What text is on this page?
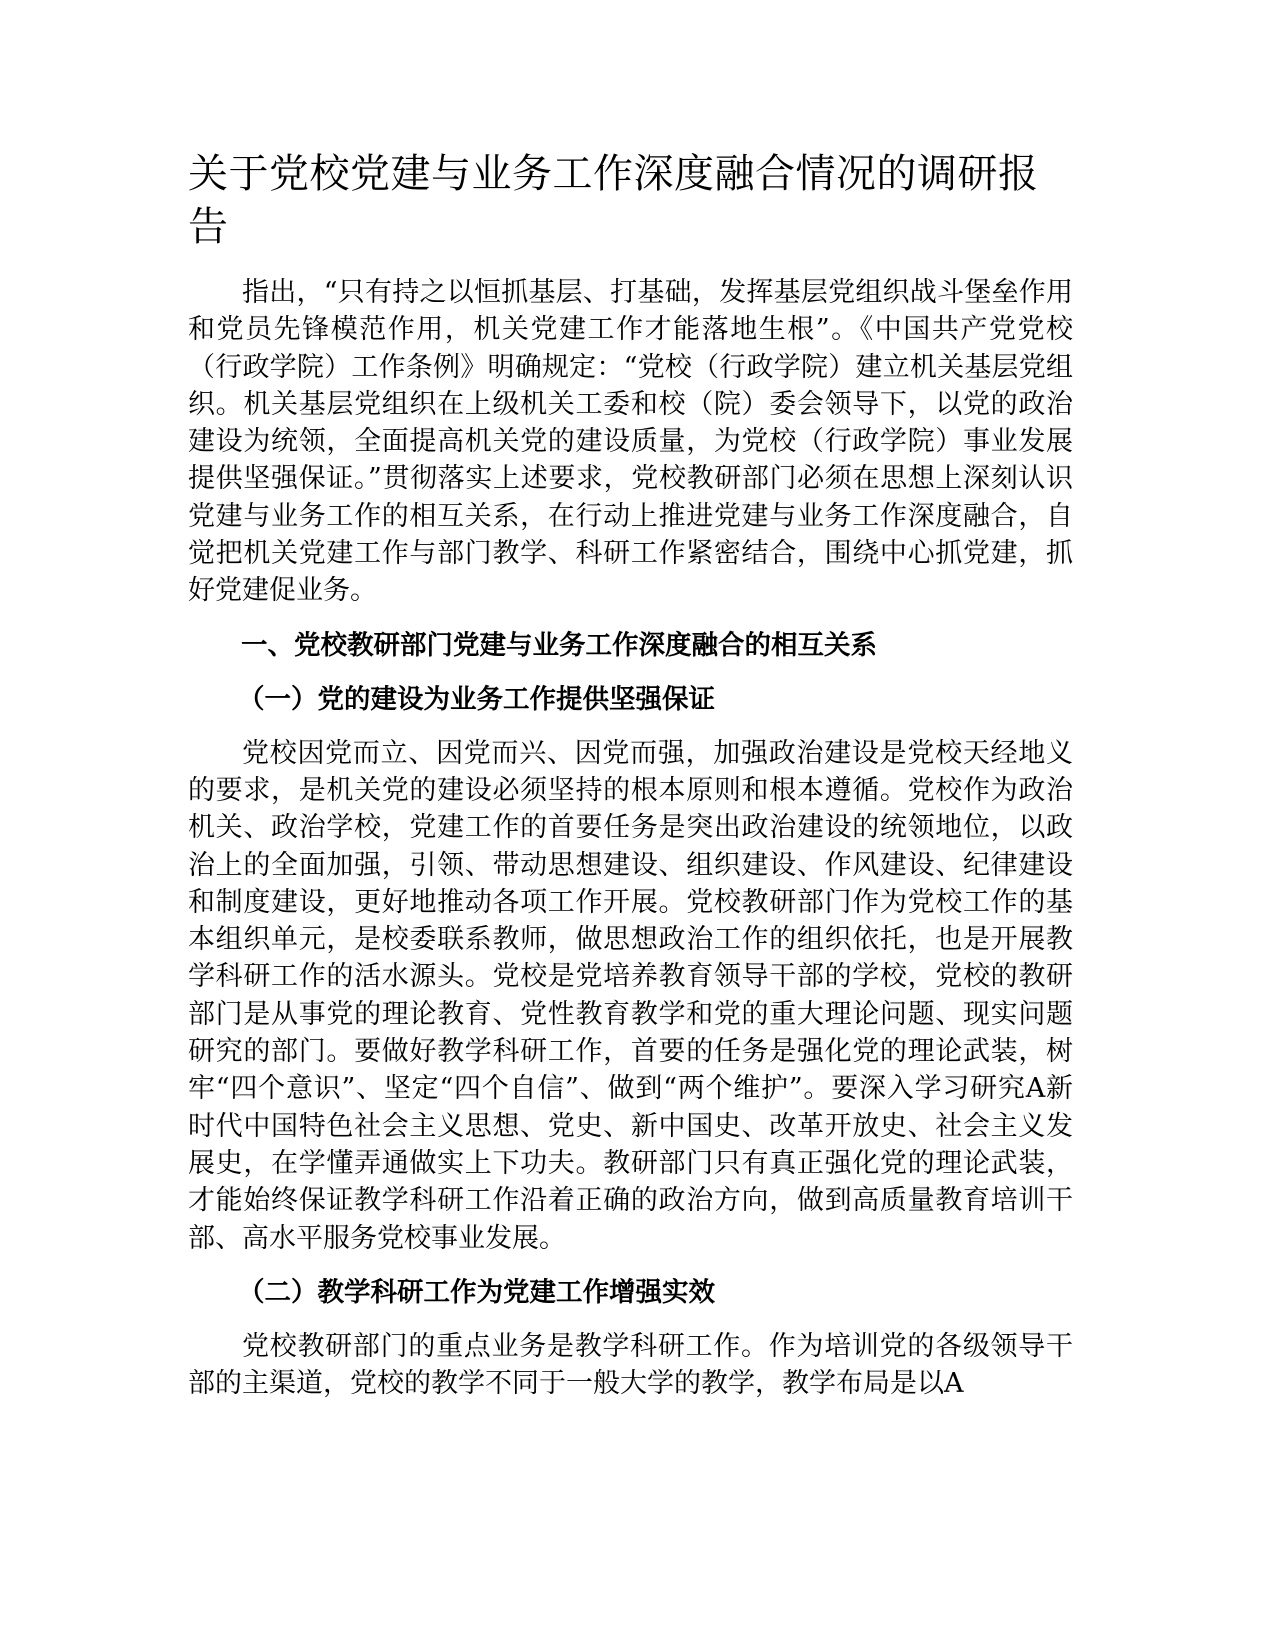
关于党校党建与业务工作深度融合情况的调研报告

指出，“只有持之以恒抓基层、打基础，发挥基层党组织战斗堡垒作用和党员先锋模范作用，机关党建工作才能落地生根”。《中国共产党党校（行政学院）工作条例》明确规定：“党校（行政学院）建立机关基层党组织。机关基层党组织在上级机关工委和校（院）委会领导下，以党的政治建设为统领，全面提高机关党的建设质量，为党校（行政学院）事业发展提供坚强保证。”贯彻落实上述要求，党校教研部门必须在思想上深刻认识党建与业务工作的相互关系，在行动上推进党建与业务工作深度融合，自觉把机关党建工作与部门教学、科研工作紧密结合，围绕中心抓党建，抓好党建促业务。

一、党校教研部门党建与业务工作深度融合的相互关系
（一）党的建设为业务工作提供坚强保证

党校因党而立、因党而兴、因党而强，加强政治建设是党校天经地义的要求，是机关党的建设必须坚持的根本原则和根本遵循。党校作为政治机关、政治学校，党建工作的首要任务是突出政治建设的统领地位，以政治上的全面加强，引领、带动思想建设、组织建设、作风建设、纪律建设和制度建设，更好地推动各项工作开展。党校教研部门作为党校工作的基本组织单元，是校委联系教师，做思想政治工作的组织依托，也是开展教学科研工作的活水源头。党校是党培养教育领导干部的学校，党校的教研部门是从事党的理论教育、党性教育教学和党的重大理论问题、现实问题研究的部门。要做好教学科研工作，首要的任务是强化党的理论武装，树牢“四个意识”、坚定“四个自信”、做到“两个维护”。要深入学习研究A新时代中国特色社会主义思想、党史、新中国史、改革开放史、社会主义发展史，在学懂弄通做实上下功夫。教研部门只有真正强化党的理论武装，才能始终保证教学科研工作沿着正确的政治方向，做到高质量教育培训干部、高水平服务党校事业发展。

（二）教学科研工作为党建工作增强实效

党校教研部门的重点业务是教学科研工作。作为培训党的各级领导干部的主渠道，党校的教学不同于一般大学的教学，教学布局是以A
